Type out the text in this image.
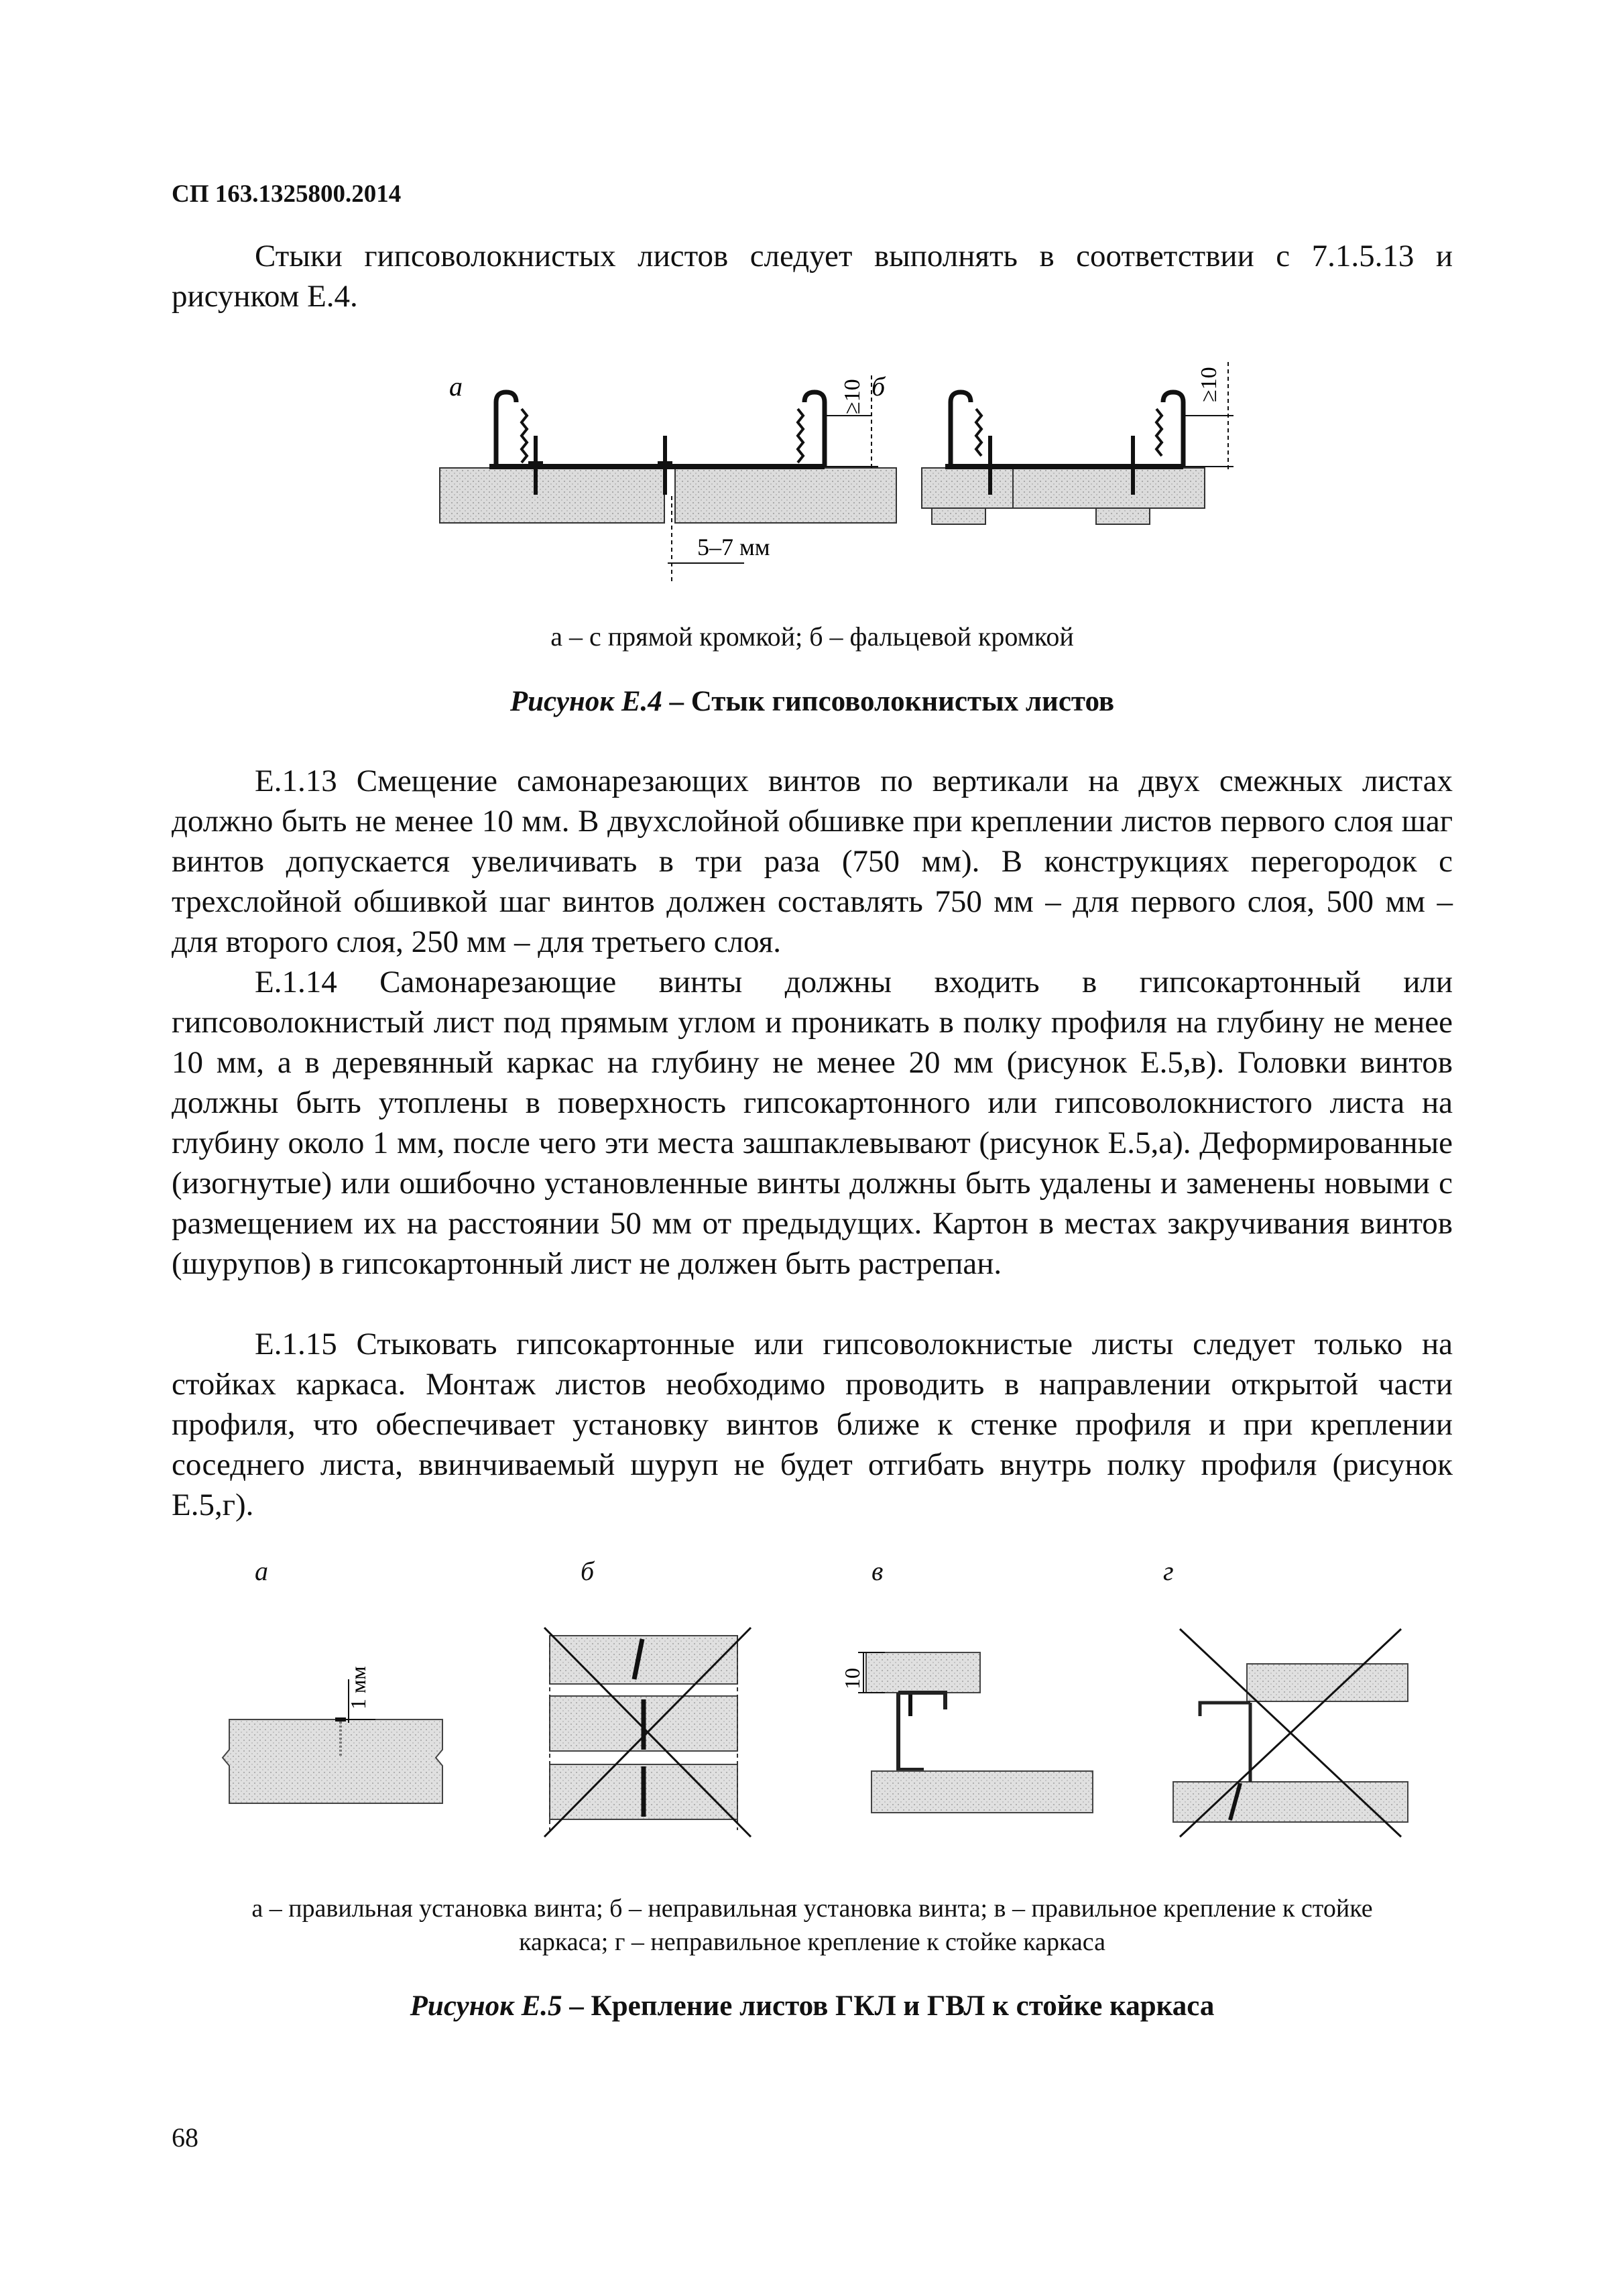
СП 163.1325800.2014

Стыки гипсоволокнистых листов следует выполнять в соответствии с 7.1.5.13 и рисунком Е.4.

а	≥10
5–7 мм
б	≥10

а – с прямой кромкой; б – фальцевой кромкой

Рисунок Е.4 – Стык гипсоволокнистых листов

Е.1.13 Смещение самонарезающих винтов по вертикали на двух смежных листах должно быть не менее 10 мм. В двухслойной обшивке при креплении листов первого слоя шаг винтов допускается увеличивать в три раза (750 мм). В конструкциях перегородок с трехслойной обшивкой шаг винтов должен составлять 750 мм – для первого слоя, 500 мм – для второго слоя, 250 мм – для третьего слоя.

Е.1.14 Самонарезающие винты должны входить в гипсокартонный или гипсоволокнистый лист под прямым углом и проникать в полку профиля на глубину не менее 10 мм, а в деревянный каркас на глубину не менее 20 мм (рисунок Е.5,в). Головки винтов должны быть утоплены в поверхность гипсокартонного или гипсоволокнистого листа на глубину около 1 мм, после чего эти места зашпаклевывают (рисунок Е.5,а). Деформированные (изогнутые) или ошибочно установленные винты должны быть удалены и заменены новыми с размещением их на расстоянии 50 мм от предыдущих. Картон в местах закручивания винтов (шурупов) в гипсокартонный лист не должен быть растрепан.

Е.1.15 Стыковать гипсокартонные или гипсоволокнистые листы следует только на стойках каркаса. Монтаж листов необходимо проводить в направлении открытой части профиля, что обеспечивает установку винтов ближе к стенке профиля и при креплении соседнего листа, ввинчиваемый шуруп не будет отгибать внутрь полку профиля (рисунок Е.5,г).

а	б	в	г
1 мм	10

а – правильная установка винта; б – неправильная установка винта; в – правильное крепление к стойке

каркаса; г – неправильное крепление к стойке каркаса

Рисунок Е.5 – Крепление листов ГКЛ и ГВЛ к стойке каркаса

68
